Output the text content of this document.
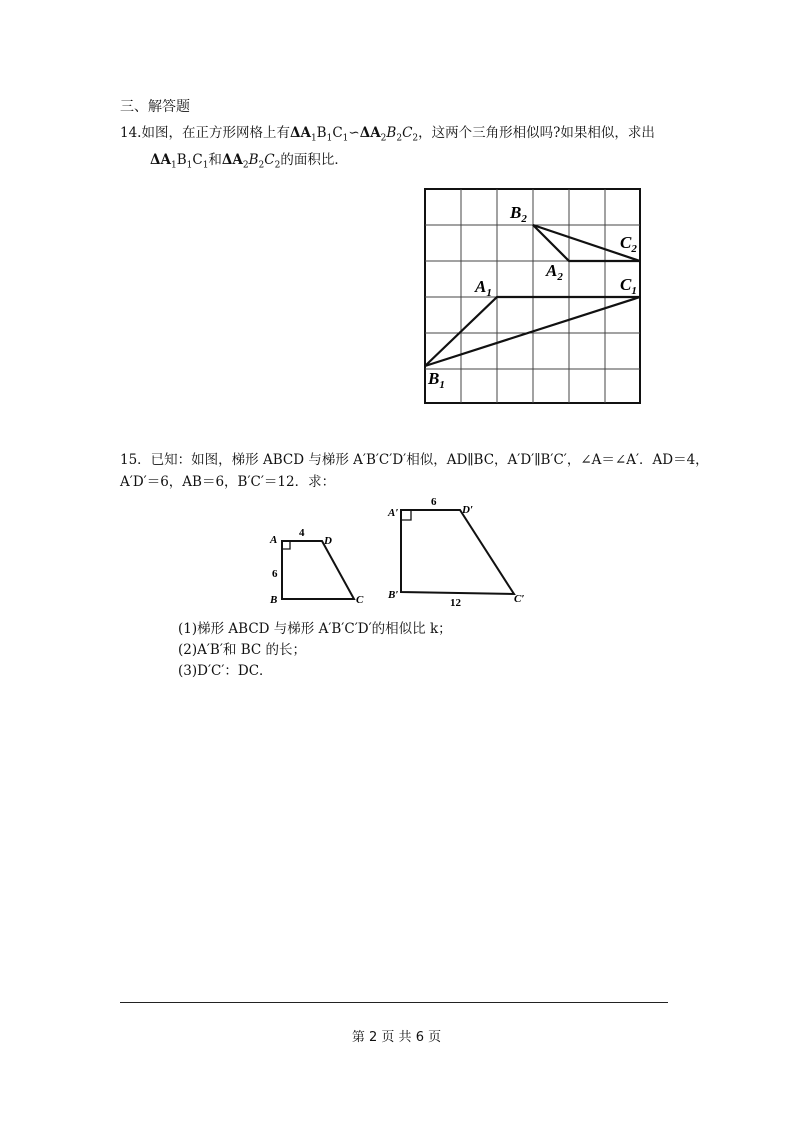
三、解答题
14.如图，在正方形网格上有$\Delta A_1B_1C_1∽\Delta A_2B_2C_2$，这两个三角形相似吗?如果相似，求出
$\Delta A_1B_1C_1$和$\Delta A_2B_2C_2$的面积比．
$A_1$	$C_1$
$B_1$
$A_2$
$B_2$
$C_2$
15．已知：如图，梯形 ABCD 与梯形 A′B′C′D′相似，AD∥BC，A′D′∥B′C′，∠A＝∠A′．AD＝4，
A′D′＝6，AB＝6，B′C′＝12．求：
A	D
B	C
4
6
A′	D′
B′	C′
6
12
(1)梯形 ABCD 与梯形 A′B′C′D′的相似比 k；
(2)A′B′和 BC 的长；
(3)D′C′：DC．
第 2 页 共 6 页
